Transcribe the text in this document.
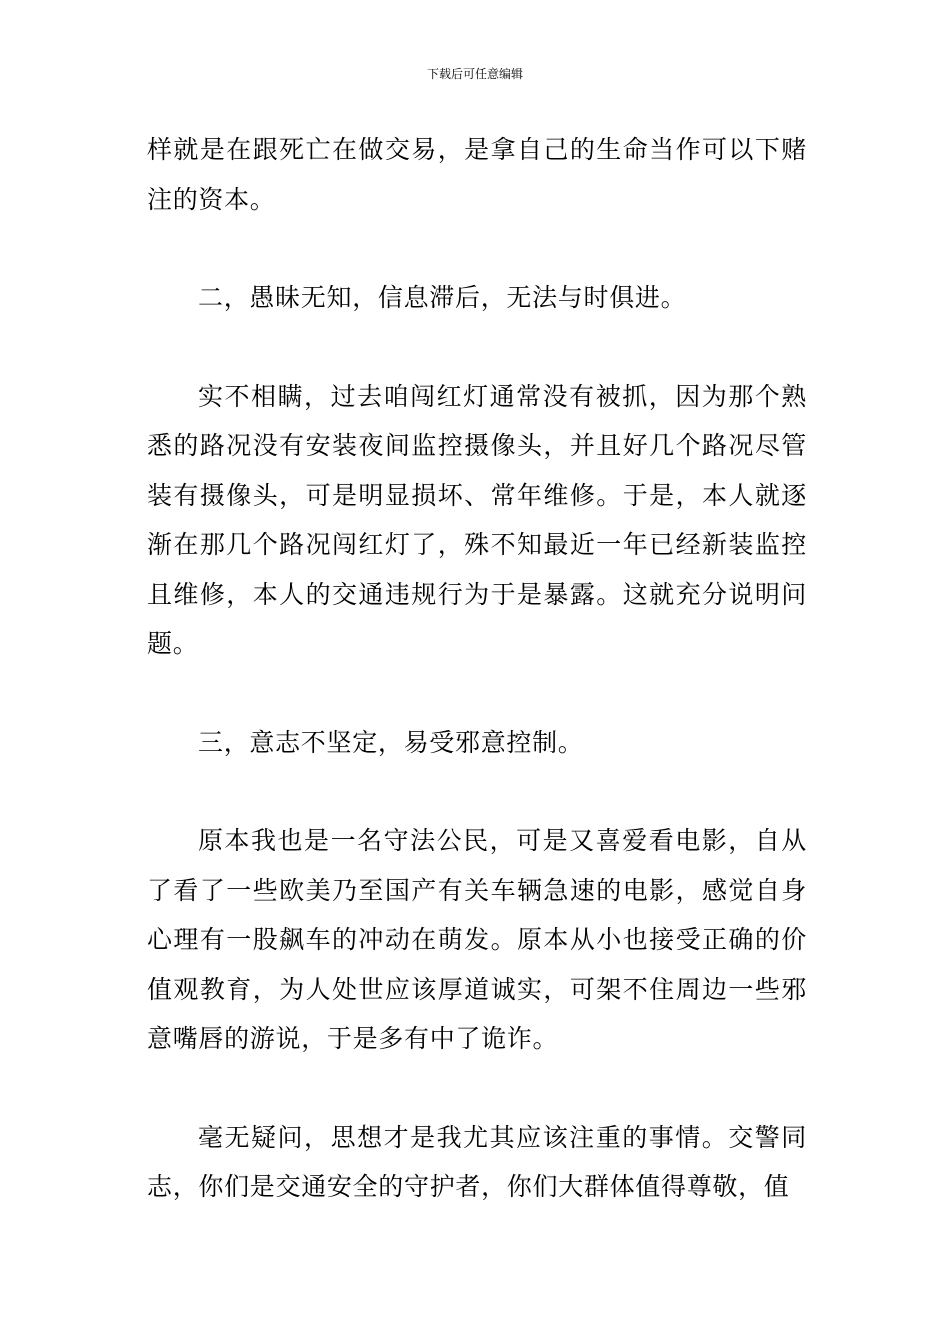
下载后可任意编辑

样就是在跟死亡在做交易，是拿自己的生命当作可以下赌注的资本。

二，愚昧无知，信息滞后，无法与时俱进。

实不相瞒，过去咱闯红灯通常没有被抓，因为那个熟悉的路况没有安装夜间监控摄像头，并且好几个路况尽管装有摄像头，可是明显损坏、常年维修。于是，本人就逐渐在那几个路况闯红灯了，殊不知最近一年已经新装监控且维修，本人的交通违规行为于是暴露。这就充分说明问题。

三，意志不坚定，易受邪意控制。

原本我也是一名守法公民，可是又喜爱看电影，自从了看了一些欧美乃至国产有关车辆急速的电影，感觉自身心理有一股飙车的冲动在萌发。原本从小也接受正确的价值观教育，为人处世应该厚道诚实，可架不住周边一些邪意嘴唇的游说，于是多有中了诡诈。

毫无疑问，思想才是我尤其应该注重的事情。交警同志，你们是交通安全的守护者，你们大群体值得尊敬，值
